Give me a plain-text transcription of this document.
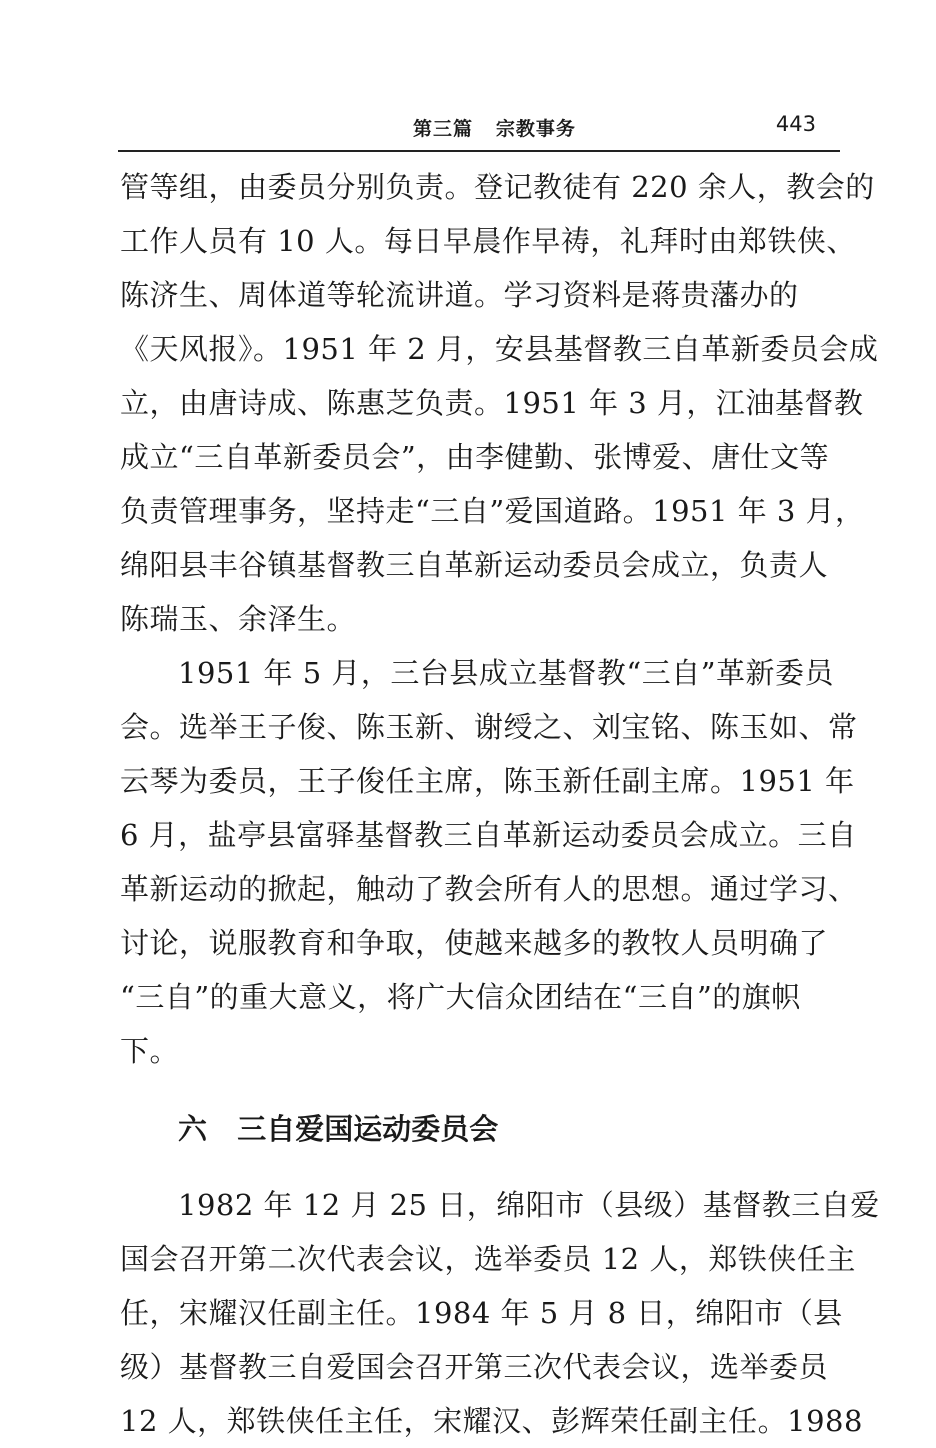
第三篇   宗教事务	443
管等组，由委员分别负责。登记教徒有 220 余人，教会的
工作人员有 10 人。每日早晨作早祷，礼拜时由郑铁侠、
陈济生、周体道等轮流讲道。学习资料是蒋贵藩办的
《天风报》。1951 年 2 月，安县基督教三自革新委员会成
立，由唐诗成、陈惠芝负责。1951 年 3 月，江油基督教
成立“三自革新委员会”，由李健勤、张博爱、唐仕文等
负责管理事务，坚持走“三自”爱国道路。1951 年 3 月，
绵阳县丰谷镇基督教三自革新运动委员会成立，负责人
陈瑞玉、余泽生。
1951 年 5 月，三台县成立基督教“三自”革新委员
会。选举王子俊、陈玉新、谢绶之、刘宝铭、陈玉如、常
云琴为委员，王子俊任主席，陈玉新任副主席。1951 年
6 月，盐亭县富驿基督教三自革新运动委员会成立。三自
革新运动的掀起，触动了教会所有人的思想。通过学习、
讨论，说服教育和争取，使越来越多的教牧人员明确了
“三自”的重大意义，将广大信众团结在“三自”的旗帜
下。
六   三自爱国运动委员会
1982 年 12 月 25 日，绵阳市（县级）基督教三自爱
国会召开第二次代表会议，选举委员 12 人，郑铁侠任主
任，宋耀汉任副主任。1984 年 5 月 8 日，绵阳市（县
级）基督教三自爱国会召开第三次代表会议，选举委员
12 人，郑铁侠任主任，宋耀汉、彭辉荣任副主任。1988
